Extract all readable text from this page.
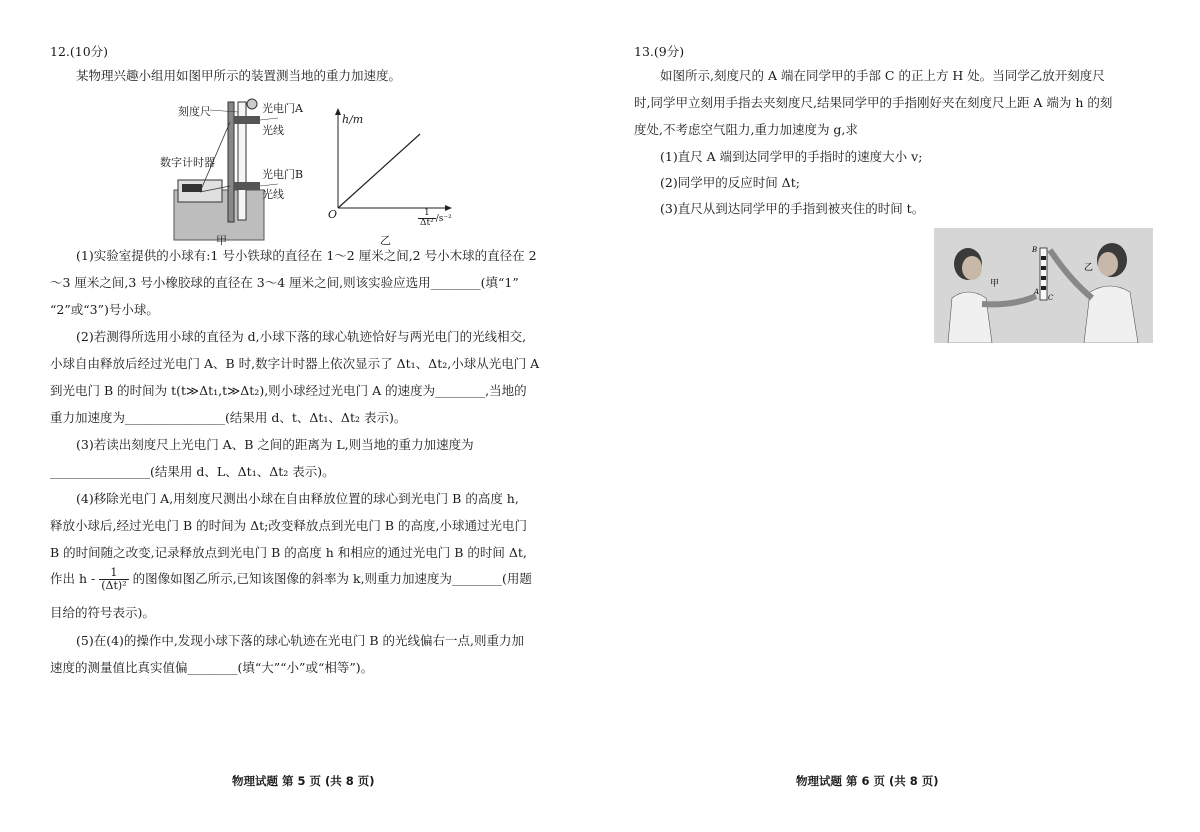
12.(10分)
某物理兴趣小组用如图甲所示的装置测当地的重力加速度。
刻度尺	光电门A
光线
数字计时器
光电门B
光线
甲
h/m
O	$\frac{1}{\text{Δt²}} /s^{-2}$
乙
(1)实验室提供的小球有:1 号小铁球的直径在 1～2 厘米之间,2 号小木球的直径在 2
～3 厘米之间,3 号小橡胶球的直径在 3～4 厘米之间,则该实验应选用________(填“1”
“2”或“3”)号小球。
(2)若测得所选用小球的直径为 d,小球下落的球心轨迹恰好与两光电门的光线相交,
小球自由释放后经过光电门 A、B 时,数字计时器上依次显示了 Δt₁、Δt₂,小球从光电门 A
到光电门 B 的时间为 t(t≫Δt₁,t≫Δt₂),则小球经过光电门 A 的速度为________,当地的
重力加速度为________________(结果用 d、t、Δt₁、Δt₂ 表示)。
(3)若读出刻度尺上光电门 A、B 之间的距离为 L,则当地的重力加速度为
________________(结果用 d、L、Δt₁、Δt₂ 表示)。
(4)移除光电门 A,用刻度尺测出小球在自由释放位置的球心到光电门 B 的高度 h,
释放小球后,经过光电门 B 的时间为 Δt;改变释放点到光电门 B 的高度,小球通过光电门
B 的时间随之改变,记录释放点到光电门 B 的高度 h 和相应的通过光电门 B 的时间 Δt,
作出 h - $\frac{1}{\text{(Δt)²}}$ 的图像如图乙所示,已知该图像的斜率为 k,则重力加速度为________(用题
目给的符号表示)。
(5)在(4)的操作中,发现小球下落的球心轨迹在光电门 B 的光线偏右一点,则重力加
速度的测量值比真实值偏________(填“大”“小”或“相等”)。
物理试题 第 5 页 (共 8 页)
13.(9分)
如图所示,刻度尺的 A 端在同学甲的手部 C 的正上方 H 处。当同学乙放开刻度尺
时,同学甲立刻用手指去夹刻度尺,结果同学甲的手指刚好夹在刻度尺上距 A 端为 h 的刻
度处,不考虑空气阻力,重力加速度为 g,求
(1)直尺 A 端到达同学甲的手指时的速度大小 v;
(2)同学甲的反应时间 Δt;
(3)直尺从到达同学甲的手指到被夹住的时间 t。
甲
乙
B
A
C
物理试题 第 6 页 (共 8 页)
